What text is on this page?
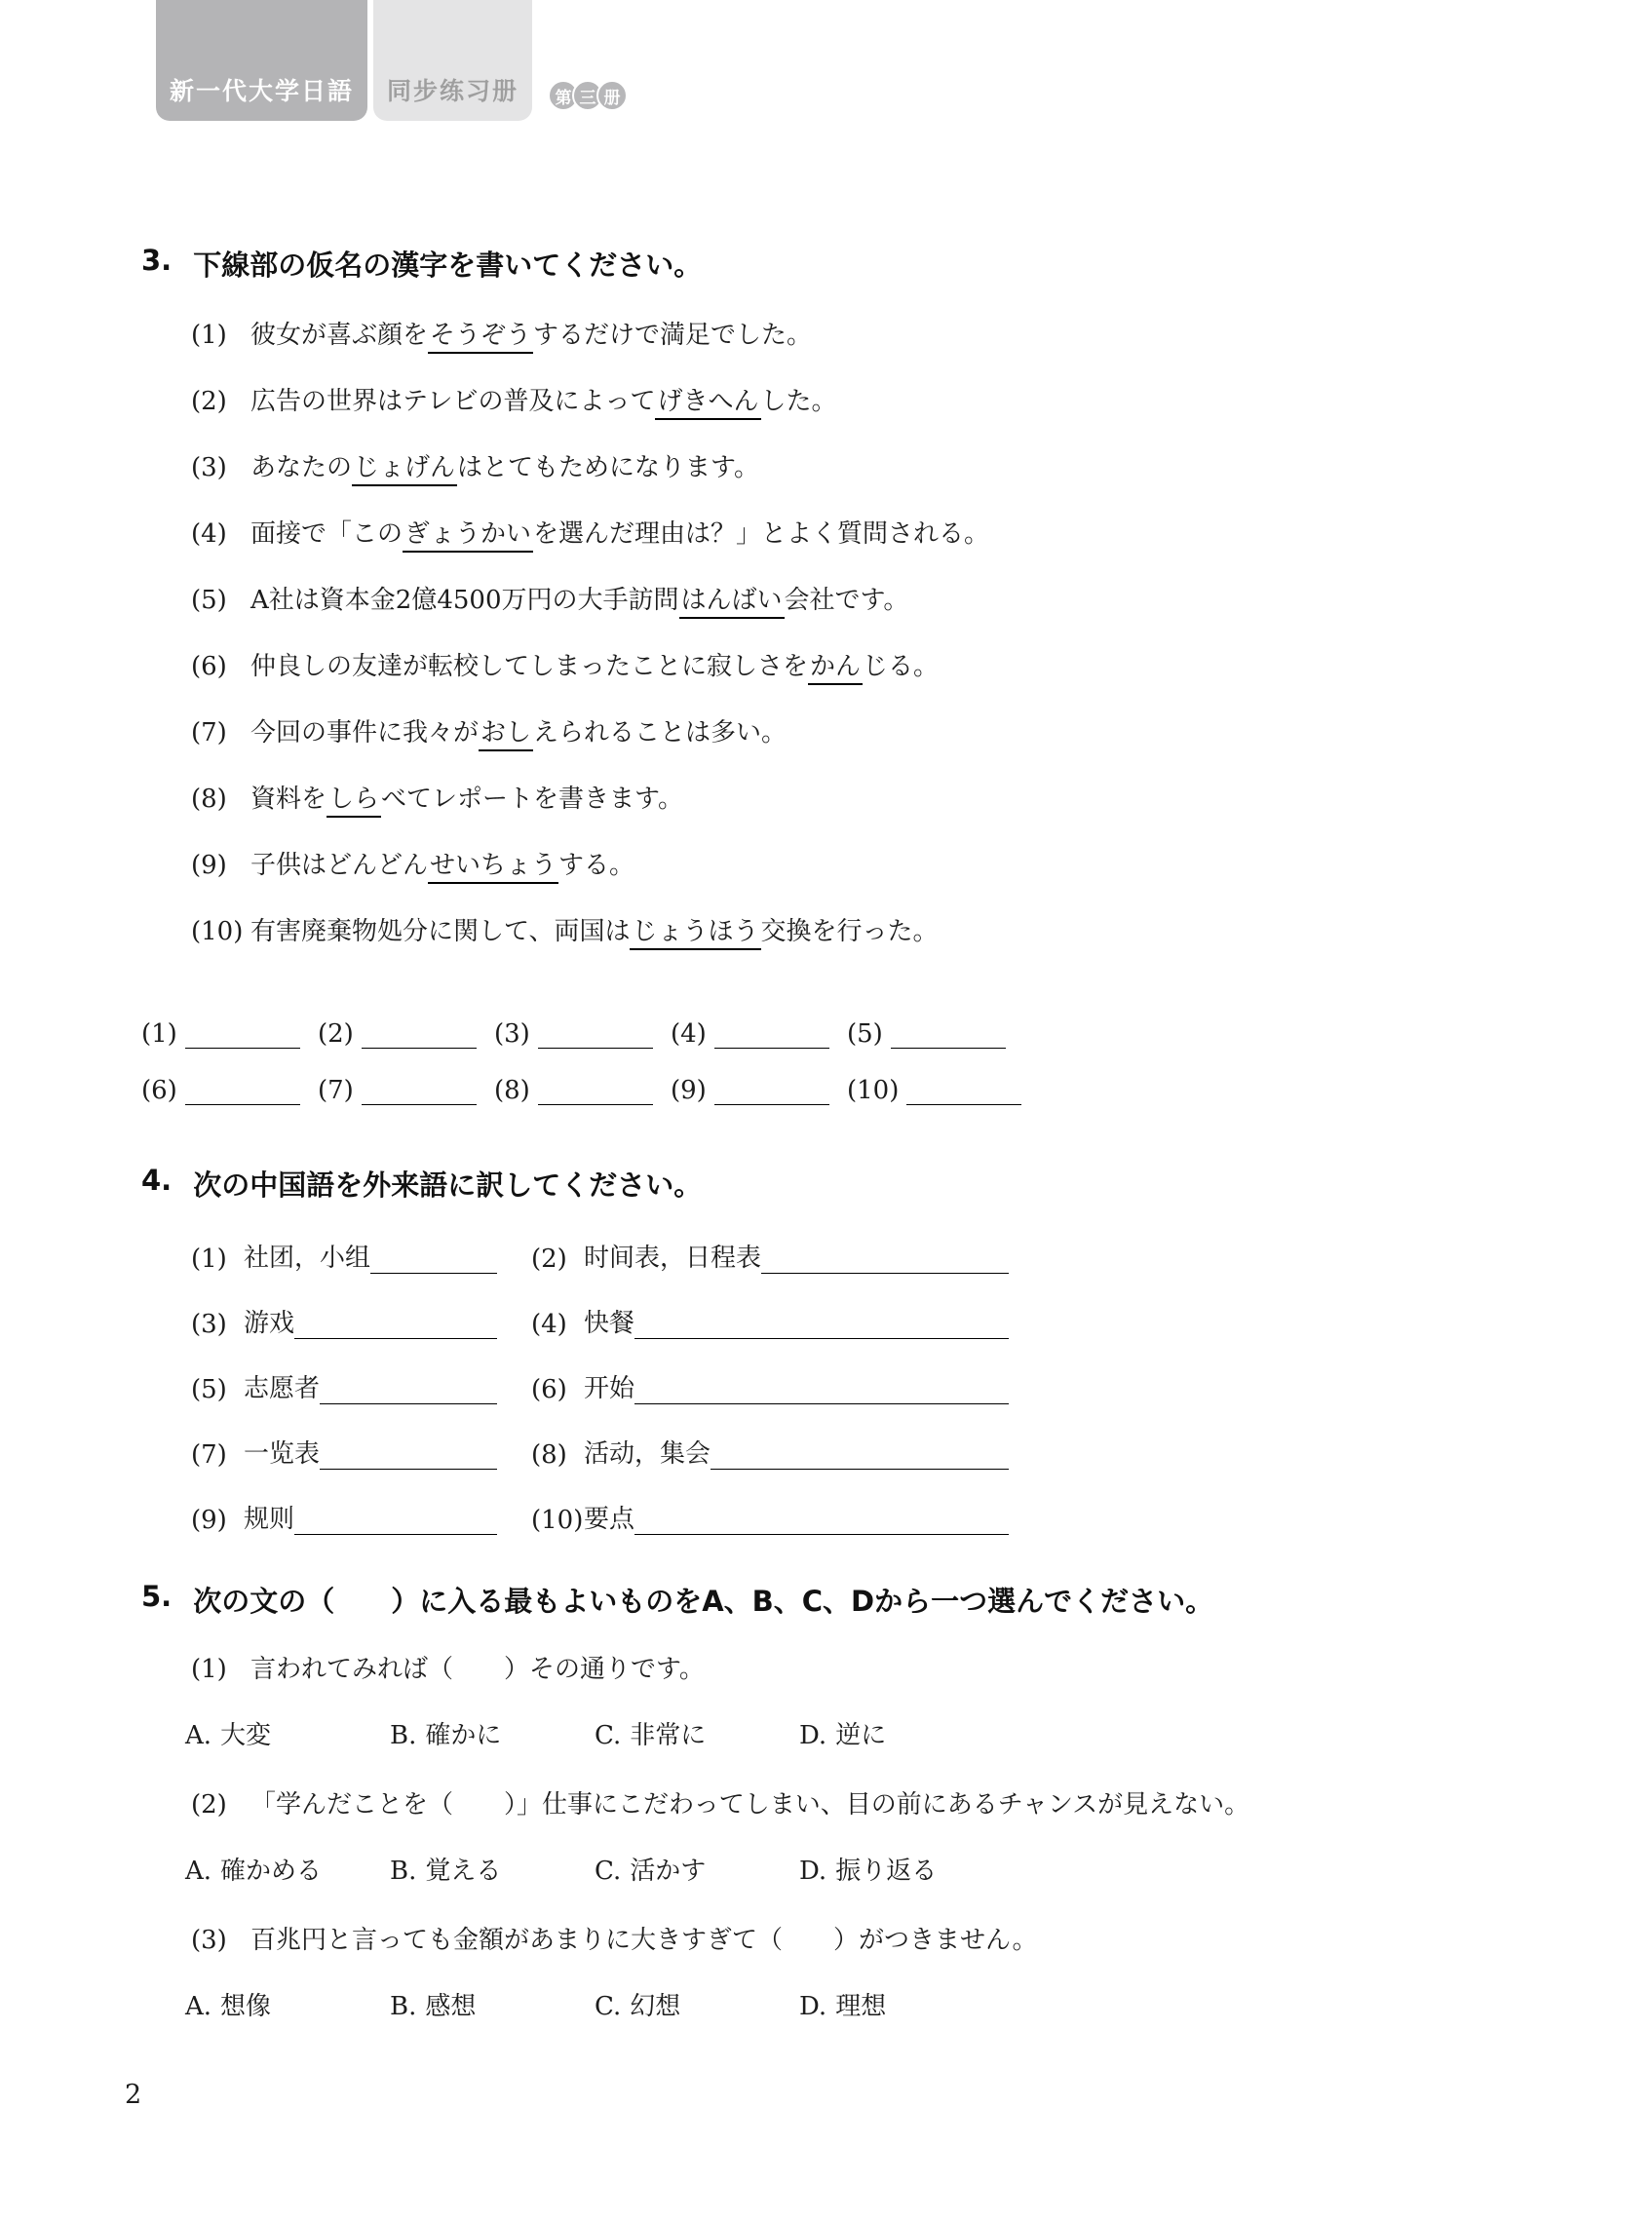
新一代大学日語 同步练习册	第 三 册
3. 下線部の仮名の漢字を書いてください。
(1) 彼女が喜ぶ顔をそうぞうするだけで満足でした。
(2) 広告の世界はテレビの普及によってげきへんした。
(3) あなたのじょげんはとてもためになります。
(4) 面接で「このぎょうかいを選んだ理由は？」とよく質問される。
(5) A社は資本金2億4500万円の大手訪問はんばい会社です。
(6) 仲良しの友達が転校してしまったことに寂しさをかんじる。
(7) 今回の事件に我々がおしえられることは多い。
(8) 資料をしらべてレポートを書きます。
(9) 子供はどんどんせいちょうする。
(10) 有害廃棄物処分に関して、両国はじょうほう交換を行った。
(1)	(2)	(3)	(4)	(5)
(6)	(7)	(8)	(9)	(10)
4. 次の中国語を外来語に訳してください。
(1) 社团，小组	(2) 时间表，日程表
(3) 游戏	(4) 快餐
(5) 志愿者	(6) 开始
(7) 一览表	(8) 活动，集会
(9) 规则	(10) 要点
5. 次の文の（　　）に入る最もよいものをA、B、C、Dから一つ選んでください。
(1) 言われてみれば（　　）その通りです。
A. 大変	B. 確かに	C. 非常に	D. 逆に
(2) 「学んだことを（　　）」仕事にこだわってしまい、目の前にあるチャンスが見えない。
A. 確かめる	B. 覚える	C. 活かす	D. 振り返る
(3) 百兆円と言っても金額があまりに大きすぎて（　　）がつきません。
A. 想像	B. 感想	C. 幻想	D. 理想
2
